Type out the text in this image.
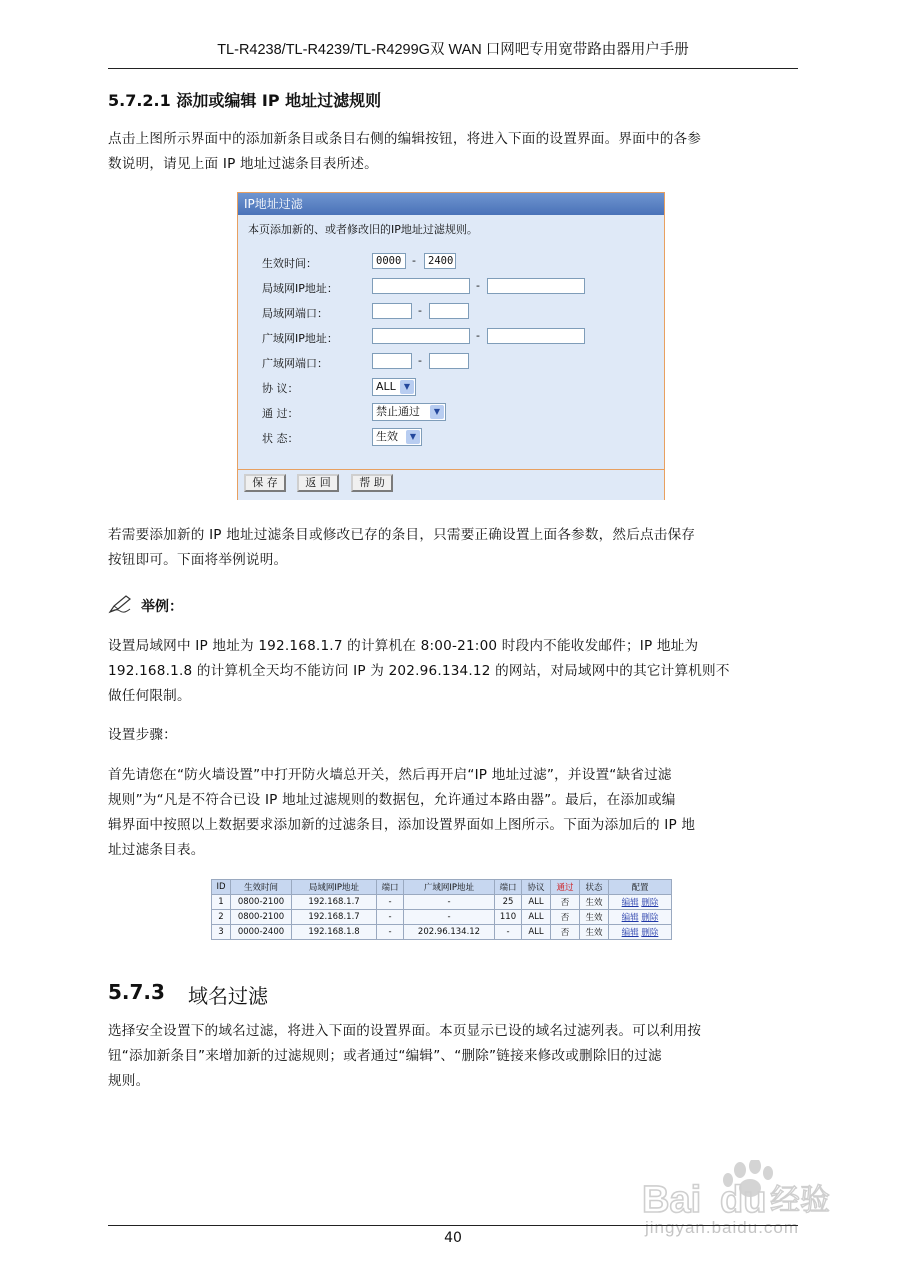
TL-R4238/TL-R4239/TL-R4299G双 WAN 口网吧专用宽带路由器用户手册
5.7.2.1 添加或编辑 IP 地址过滤规则
点击上图所示界面中的添加新条目或条目右侧的编辑按钮，将进入下面的设置界面。界面中的各参
数说明，请见上面 IP 地址过滤条目表所述。
IP地址过滤
本页添加新的、或者修改旧的IP地址过滤规则。
生效时间：	0000 -	2400
局域网IP地址：	-
局域网端口：	-
广域网IP地址：	-
广域网端口：	-
协 议：	ALL	▼
通 过：	禁止通过	▼
状 态：	生效	▼
保 存	返 回	帮 助
若需要添加新的 IP 地址过滤条目或修改已存的条目，只需要正确设置上面各参数，然后点击保存
按钮即可。下面将举例说明。
举例：
设置局域网中 IP 地址为 192.168.1.7 的计算机在 8:00-21:00 时段内不能收发邮件；IP 地址为
192.168.1.8 的计算机全天均不能访问 IP 为 202.96.134.12 的网站，对局域网中的其它计算机则不
做任何限制。
设置步骤：
首先请您在“防火墙设置”中打开防火墙总开关，然后再开启“IP 地址过滤”，并设置“缺省过滤
规则”为“凡是不符合已设 IP 地址过滤规则的数据包，允许通过本路由器”。最后，在添加或编
辑界面中按照以上数据要求添加新的过滤条目，添加设置界面如上图所示。下面为添加后的 IP 地
址过滤条目表。
ID	生效时间	局域网IP地址	端口	广域网IP地址	端口	协议	通过	状态	配置
1	0800-2100	192.168.1.7	-	-	25	ALL	否	生效	编辑 删除
2	0800-2100	192.168.1.7	-	-	110	ALL	否	生效	编辑 删除
3	0000-2400	192.168.1.8	-	202.96.134.12	-	ALL	否	生效	编辑 删除
5.7.3 域名过滤
选择安全设置下的域名过滤，将进入下面的设置界面。本页显示已设的域名过滤列表。可以利用按
钮“添加新条目”来增加新的过滤规则；或者通过“编辑”、“删除”链接来修改或删除旧的过滤
规则。
Bai du 经验
jingyan.baidu.com
40
